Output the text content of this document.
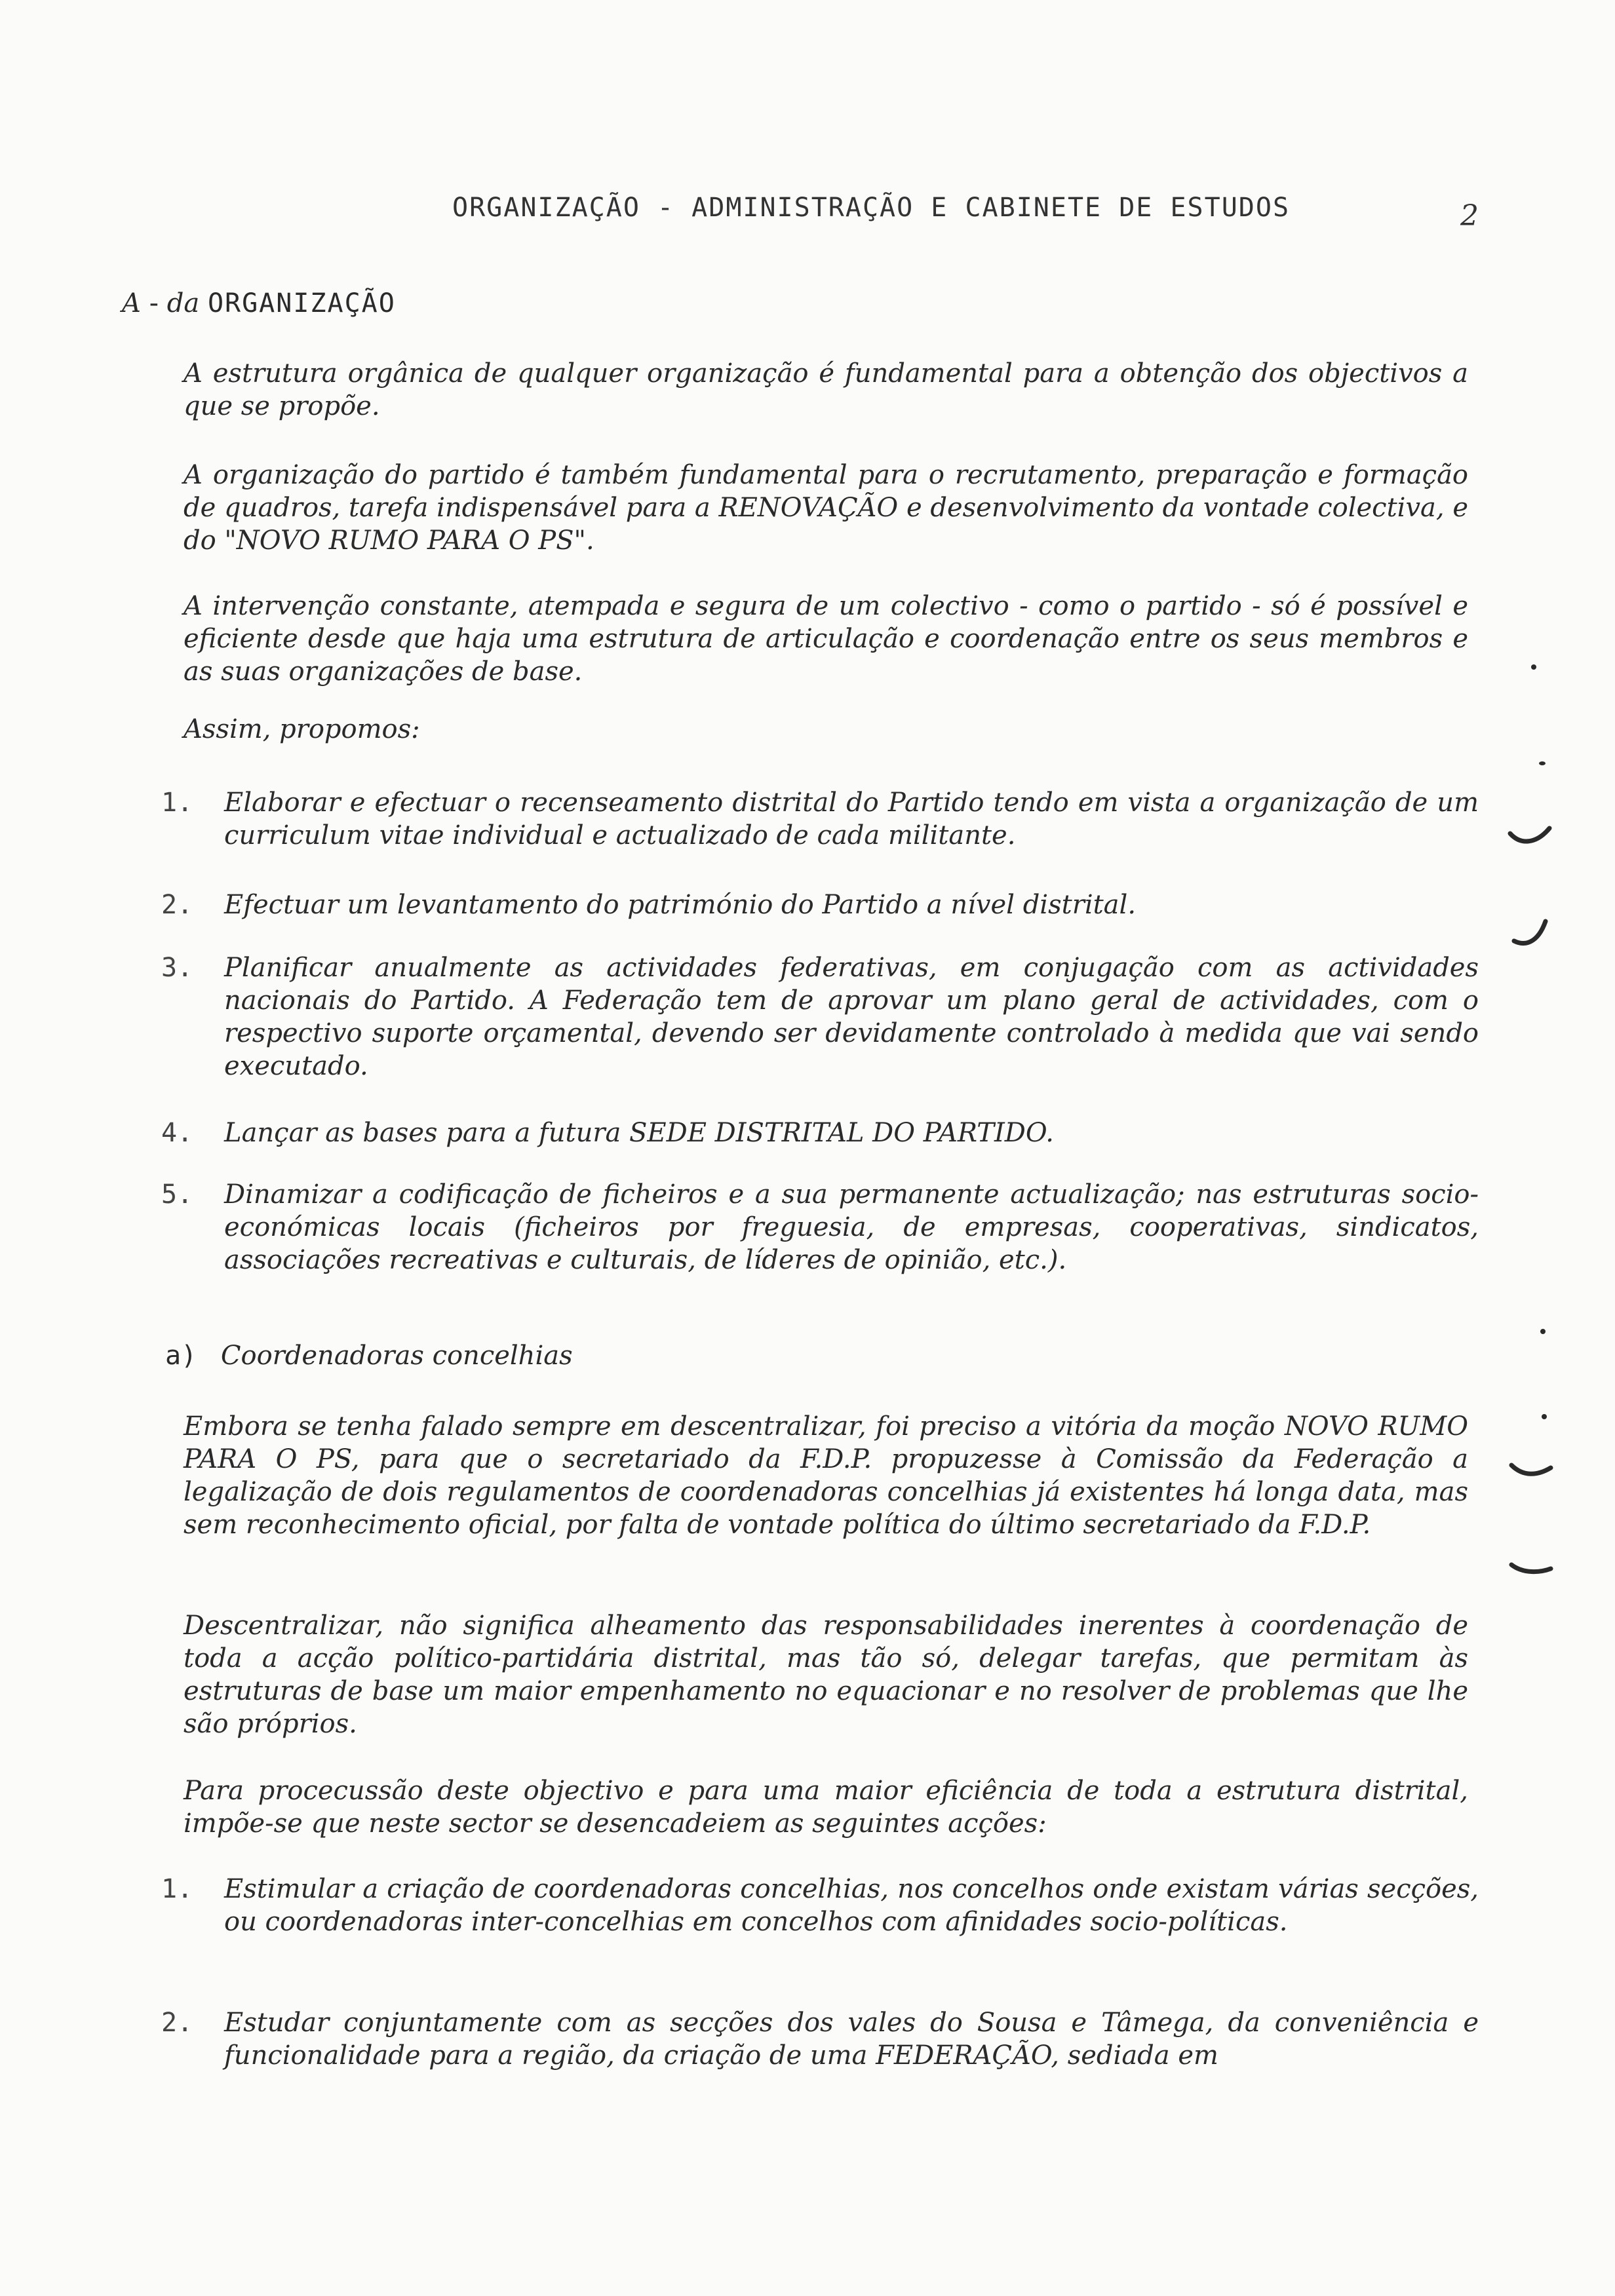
ORGANIZAÇÃO - ADMINISTRAÇÃO E CABINETE DE ESTUDOS	2
A - da ORGANIZAÇÃO
A estrutura orgânica de qualquer organização é fundamental para a obtenção dos objectivos a que se propõe.
A organização do partido é também fundamental para o recrutamento, preparação e formação de quadros, tarefa indispensável para a RENOVAÇÃO e desenvolvimento da vontade colectiva, e do "NOVO RUMO PARA O PS".
A intervenção constante, atempada e segura de um colectivo - como o partido - só é possível e eficiente desde que haja uma estrutura de articulação e coordenação entre os seus membros e as suas organizações de base.
Assim, propomos:
1. Elaborar e efectuar o recenseamento distrital do Partido tendo em vista a organização de um curriculum vitae individual e actualizado de cada militante.
2. Efectuar um levantamento do património do Partido a nível distrital.
3. Planificar anualmente as actividades federativas, em conjugação com as actividades nacionais do Partido. A Federação tem de aprovar um plano geral de actividades, com o respectivo suporte orçamental, devendo ser devidamente controlado à medida que vai sendo executado.
4. Lançar as bases para a futura SEDE DISTRITAL DO PARTIDO.
5. Dinamizar a codificação de ficheiros e a sua permanente actualização; nas estruturas socio-económicas locais (ficheiros por freguesia, de empresas, cooperativas, sindicatos, associações recreativas e culturais, de líderes de opinião, etc.).
a) Coordenadoras concelhias
Embora se tenha falado sempre em descentralizar, foi preciso a vitória da moção NOVO RUMO PARA O PS, para que o secretariado da F.D.P. propuzesse à Comissão da Federação a legalização de dois regulamentos de coordenadoras concelhias já existentes há longa data, mas sem reconhecimento oficial, por falta de vontade política do último secretariado da F.D.P.
Descentralizar, não significa alheamento das responsabilidades inerentes à coordenação de toda a acção político-partidária distrital, mas tão só, delegar tarefas, que permitam às estruturas de base um maior empenhamento no equacionar e no resolver de problemas que lhe são próprios.
Para procecussão deste objectivo e para uma maior eficiência de toda a estrutura distrital, impõe-se que neste sector se desencadeiem as seguintes acções:
1. Estimular a criação de coordenadoras concelhias, nos concelhos onde existam várias secções, ou coordenadoras inter-concelhias em concelhos com afinidades socio-políticas.
2. Estudar conjuntamente com as secções dos vales do Sousa e Tâmega, da conveniência e funcionalidade para a região, da criação de uma FEDERAÇÃO, sediada em
